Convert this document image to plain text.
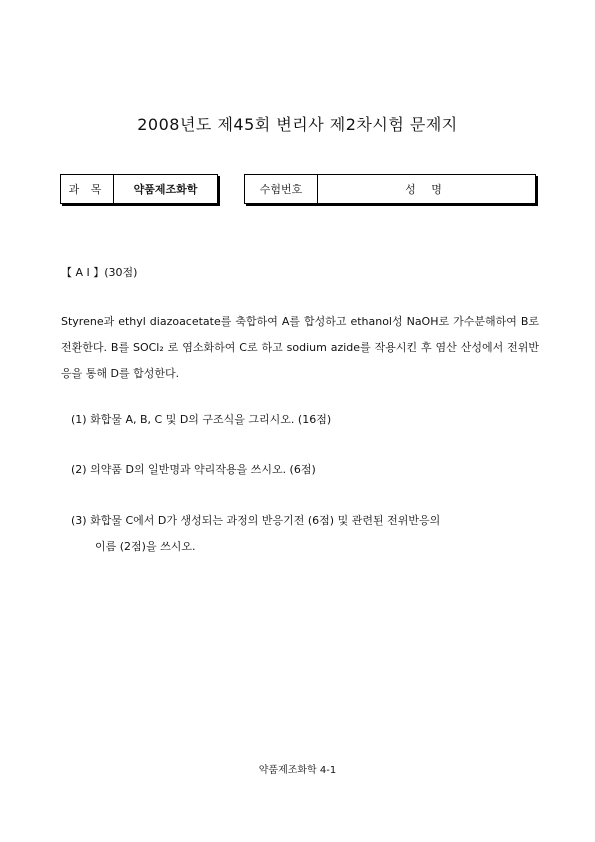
2008년도 제45회 변리사 제2차시험 문제지
과 목	약품제조화학	수험번호	성 명
【 A I 】(30점)
Styrene과 ethyl diazoacetate를 축합하여 A를 합성하고 ethanol성 NaOH로 가수분해하여 B로 전환한다. B를 SOCl₂ 로 염소화하여 C로 하고 sodium azide를 작용시킨 후 염산 산성에서 전위반응을 통해 D를 합성한다.
(1) 화합물 A, B, C 및 D의 구조식을 그리시오. (16점)
(2) 의약품 D의 일반명과 약리작용을 쓰시오. (6점)
(3) 화합물 C에서 D가 생성되는 과정의 반응기전 (6점) 및 관련된 전위반응의
이름 (2점)을 쓰시오.
약품제조화학 4-1
